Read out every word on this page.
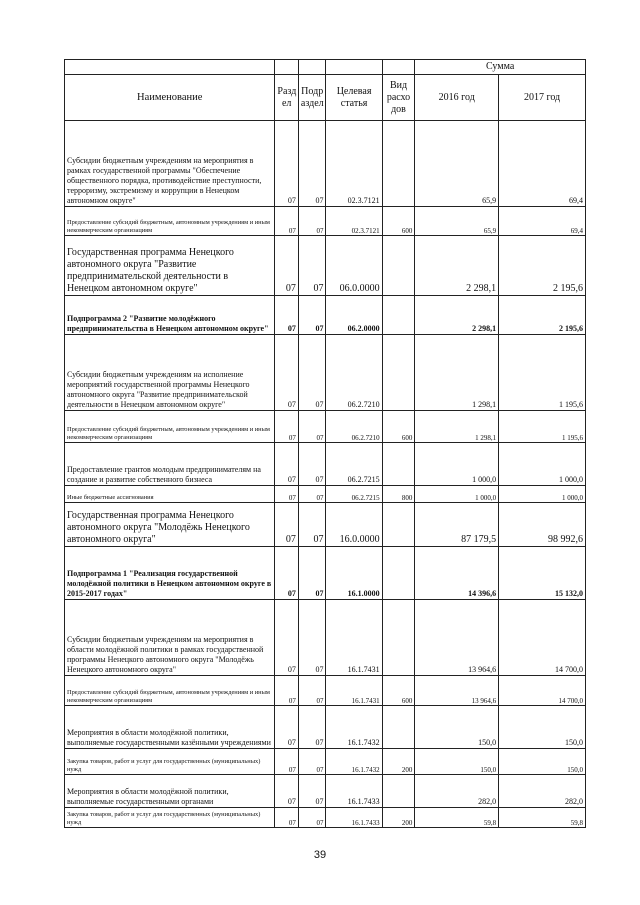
					Сумма	
Наименование	Разд ел	Подр аздел	Целевая статья	Вид расхо дов	2016 год	2017 год
Субсидии бюджетным учреждениям на мероприятия в рамках государственной программы "Обеспечение общественного порядка, противодействие преступности, терроризму, экстремизму и коррупции в Ненецком автономном округе"	07	07	02.3.7121		65,9	69,4
Предоставление субсидий бюджетным, автономным учреждениям и иным некоммерческим организациям	07	07	02.3.7121	600	65,9	69,4
Государственная программа Ненецкого автономного округа "Развитие предпринимательской деятельности в Ненецком автономном округе"	07	07	06.0.0000		2 298,1	2 195,6
Подпрограмма 2 "Развитие молодёжного предпринимательства в Ненецком автономном округе"	07	07	06.2.0000		2 298,1	2 195,6
Субсидии бюджетным учреждениям на исполнение мероприятий государственной программы Ненецкого автономного округа "Развитие предпринимательской деятельности в Ненецком автономном округе"	07	07	06.2.7210		1 298,1	1 195,6
Предоставление субсидий бюджетным, автономным учреждениям и иным некоммерческим организациям	07	07	06.2.7210	600	1 298,1	1 195,6
Предоставление грантов молодым предпринимателям на создание и развитие собственного бизнеса	07	07	06.2.7215		1 000,0	1 000,0
Иные бюджетные ассигнования	07	07	06.2.7215	800	1 000,0	1 000,0
Государственная программа Ненецкого автономного округа "Молодёжь Ненецкого автономного округа"	07	07	16.0.0000		87 179,5	98 992,6
Подпрограмма 1 "Реализация государственной молодёжной политики в Ненецком автономном округе в 2015-2017 годах"	07	07	16.1.0000		14 396,6	15 132,0
Субсидии бюджетным учреждениям на мероприятия в области молодёжной политики в рамках государственной программы Ненецкого автономного округа "Молодёжь Ненецкого автономного округа"	07	07	16.1.7431		13 964,6	14 700,0
Предоставление субсидий бюджетным, автономным учреждениям и иным некоммерческим организациям	07	07	16.1.7431	600	13 964,6	14 700,0
Мероприятия в области молодёжной политики, выполняемые государственными казёнными учреждениями	07	07	16.1.7432		150,0	150,0
Закупка товаров, работ и услуг для государственных (муниципальных) нужд	07	07	16.1.7432	200	150,0	150,0
Мероприятия в области молодёжной политики, выполняемые государственными органами	07	07	16.1.7433		282,0	282,0
Закупка товаров, работ и услуг для государственных (муниципальных) нужд	07	07	16.1.7433	200	59,8	59,8
39
